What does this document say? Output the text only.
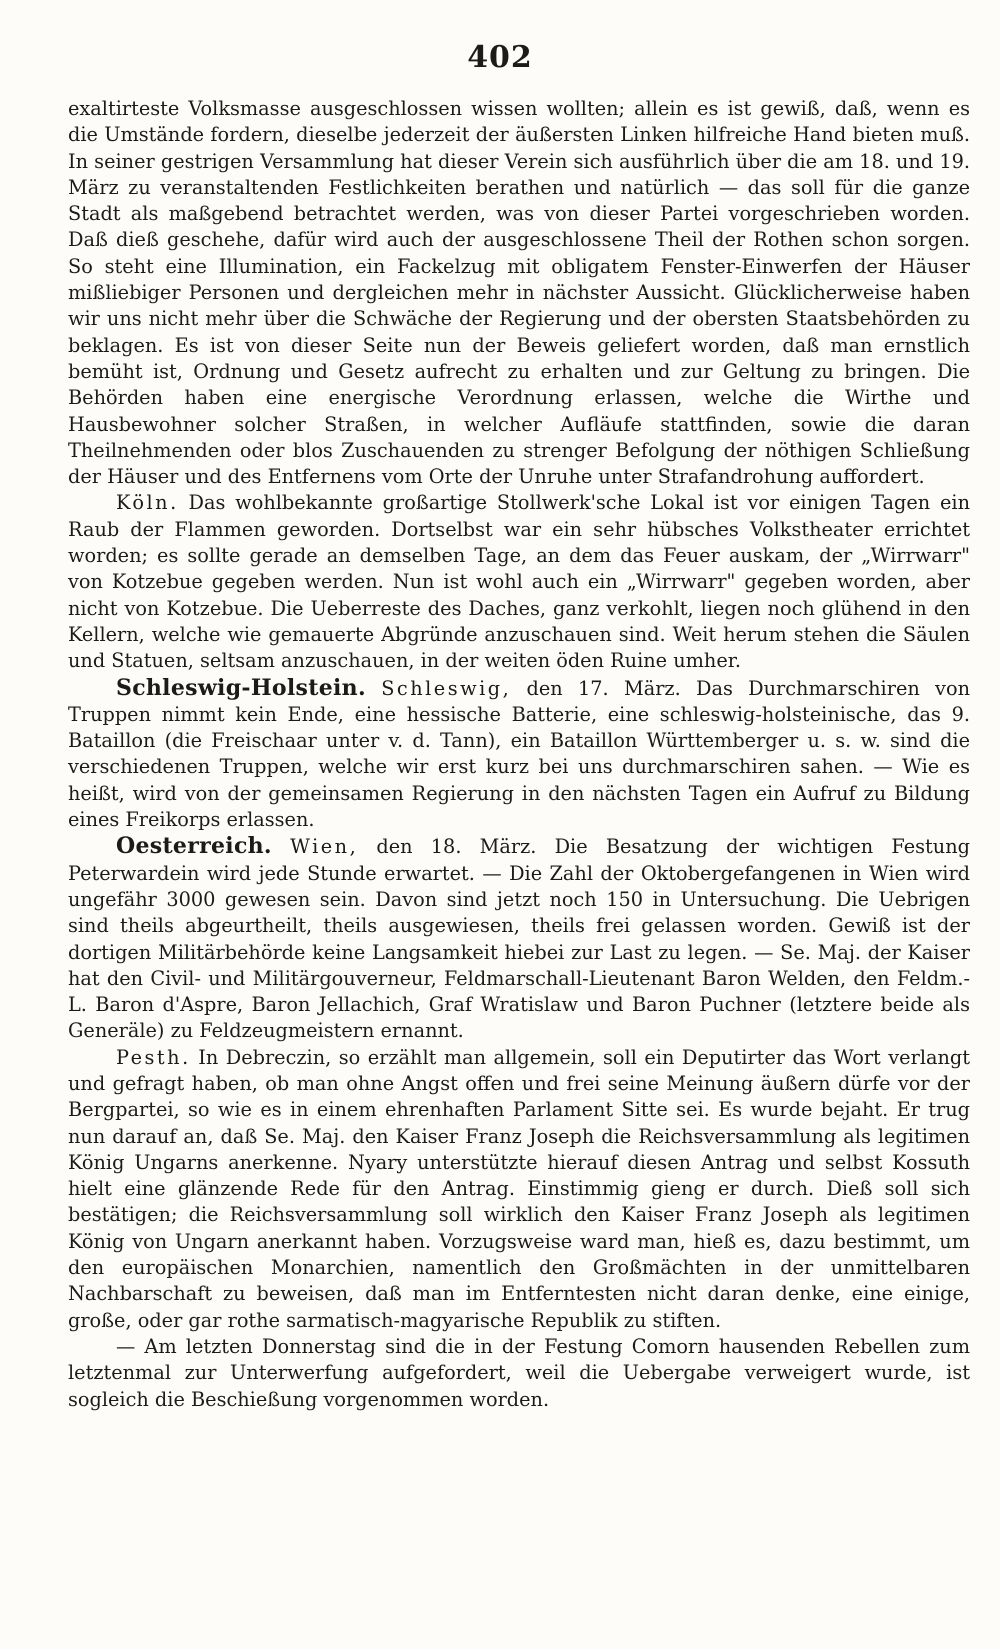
402

exaltirteste Volksmasse ausgeschlossen wissen wollten; allein es ist gewiß, daß, wenn es die Umstände fordern, dieselbe jederzeit der äußersten Linken hilfreiche Hand bieten muß. In seiner gestrigen Versammlung hat dieser Verein sich ausführlich über die am 18. und 19. März zu veranstaltenden Festlichkeiten berathen und natürlich — das soll für die ganze Stadt als maßgebend betrachtet werden, was von dieser Partei vorgeschrieben worden. Daß dieß geschehe, dafür wird auch der ausgeschlossene Theil der Rothen schon sorgen. So steht eine Illumination, ein Fackelzug mit obligatem Fenster-Einwerfen der Häuser mißliebiger Personen und dergleichen mehr in nächster Aussicht. Glücklicherweise haben wir uns nicht mehr über die Schwäche der Regierung und der obersten Staatsbehörden zu beklagen. Es ist von dieser Seite nun der Beweis geliefert worden, daß man ernstlich bemüht ist, Ordnung und Gesetz aufrecht zu erhalten und zur Geltung zu bringen. Die Behörden haben eine energische Verordnung erlassen, welche die Wirthe und Hausbewohner solcher Straßen, in welcher Aufläufe stattfinden, sowie die daran Theilnehmenden oder blos Zuschauenden zu strenger Befolgung der nöthigen Schließung der Häuser und des Entfernens vom Orte der Unruhe unter Strafandrohung auffordert.

Köln. Das wohlbekannte großartige Stollwerk'sche Lokal ist vor einigen Tagen ein Raub der Flammen geworden. Dortselbst war ein sehr hübsches Volkstheater errichtet worden; es sollte gerade an demselben Tage, an dem das Feuer auskam, der „Wirrwarr" von Kotzebue gegeben werden. Nun ist wohl auch ein „Wirrwarr" gegeben worden, aber nicht von Kotzebue. Die Ueberreste des Daches, ganz verkohlt, liegen noch glühend in den Kellern, welche wie gemauerte Abgründe anzuschauen sind. Weit herum stehen die Säulen und Statuen, seltsam anzuschauen, in der weiten öden Ruine umher.

Schleswig-Holstein. Schleswig, den 17. März. Das Durchmarschiren von Truppen nimmt kein Ende, eine hessische Batterie, eine schleswig-holsteinische, das 9. Bataillon (die Freischaar unter v. d. Tann), ein Bataillon Württemberger u. s. w. sind die verschiedenen Truppen, welche wir erst kurz bei uns durchmarschiren sahen. — Wie es heißt, wird von der gemeinsamen Regierung in den nächsten Tagen ein Aufruf zu Bildung eines Freikorps erlassen.

Oesterreich. Wien, den 18. März. Die Besatzung der wichtigen Festung Peterwardein wird jede Stunde erwartet. — Die Zahl der Oktobergefangenen in Wien wird ungefähr 3000 gewesen sein. Davon sind jetzt noch 150 in Untersuchung. Die Uebrigen sind theils abgeurtheilt, theils ausgewiesen, theils frei gelassen worden. Gewiß ist der dortigen Militärbehörde keine Langsamkeit hiebei zur Last zu legen. — Se. Maj. der Kaiser hat den Civil- und Militärgouverneur, Feldmarschall-Lieutenant Baron Welden, den Feldm.-L. Baron d'Aspre, Baron Jellachich, Graf Wratislaw und Baron Puchner (letztere beide als Generäle) zu Feldzeugmeistern ernannt.

Pesth. In Debreczin, so erzählt man allgemein, soll ein Deputirter das Wort verlangt und gefragt haben, ob man ohne Angst offen und frei seine Meinung äußern dürfe vor der Bergpartei, so wie es in einem ehrenhaften Parlament Sitte sei. Es wurde bejaht. Er trug nun darauf an, daß Se. Maj. den Kaiser Franz Joseph die Reichsversammlung als legitimen König Ungarns anerkenne. Nyary unterstützte hierauf diesen Antrag und selbst Kossuth hielt eine glänzende Rede für den Antrag. Einstimmig gieng er durch. Dieß soll sich bestätigen; die Reichsversammlung soll wirklich den Kaiser Franz Joseph als legitimen König von Ungarn anerkannt haben. Vorzugsweise ward man, hieß es, dazu bestimmt, um den europäischen Monarchien, namentlich den Großmächten in der unmittelbaren Nachbarschaft zu beweisen, daß man im Entferntesten nicht daran denke, eine einige, große, oder gar rothe sarmatisch-magyarische Republik zu stiften.

— Am letzten Donnerstag sind die in der Festung Comorn hausenden Rebellen zum letztenmal zur Unterwerfung aufgefordert, weil die Uebergabe verweigert wurde, ist sogleich die Beschießung vorgenommen worden.
